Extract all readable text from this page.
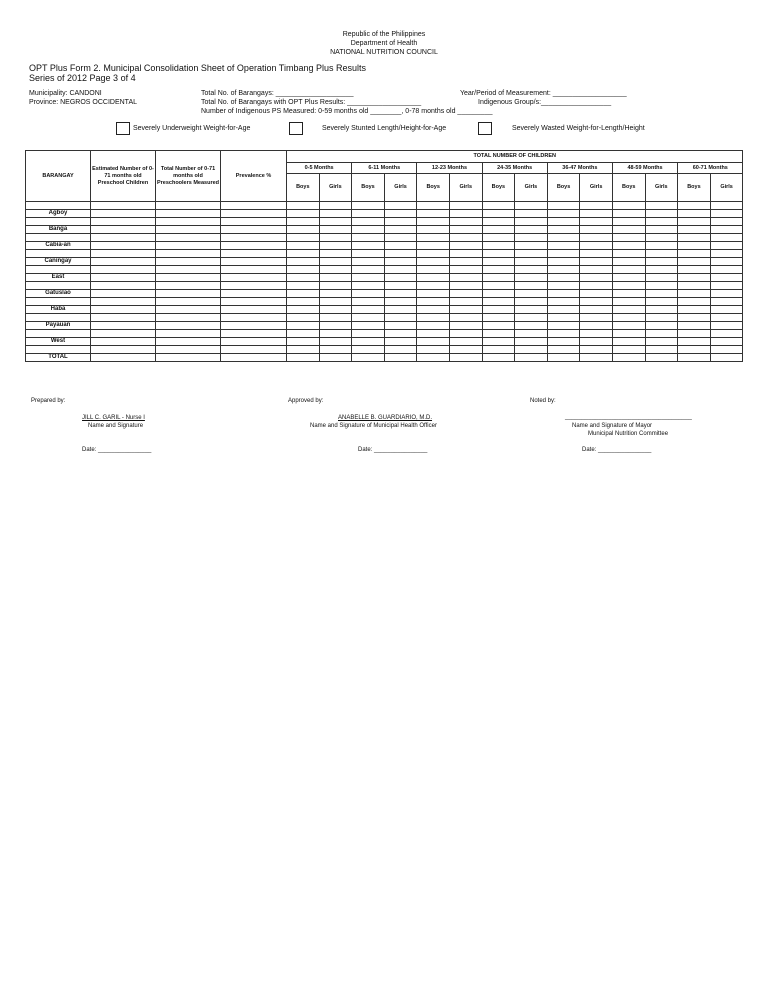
Republic of the Philippines
Department of Health
NATIONAL NUTRITION COUNCIL
OPT Plus Form 2. Municipal Consolidation Sheet of Operation Timbang Plus Results
Series of 2012 Page 3 of 4
Municipality: CANDONI
Province: NEGROS OCCIDENTAL
Total No. of Barangays: ____________________
Total No. of Barangays with OPT Plus Results: ___________________
Number of Indigenous PS Measured: 0-59 months old ________, 0-78 months old _________
Year/Period of Measurement: ___________________
Indigenous Group/s:__________________
Severely Underweight Weight-for-Age	Severely Stunted Length/Height-for-Age	Severely Wasted Weight-for-Length/Height
BARANGAY	Estimated Number of 0-71 months old Preschool Children	Total Number of 0-71 months old Preschoolers Measured	Prevalence %	TOTAL NUMBER OF CHILDREN													
				0-5 Months		6-11 Months		12-23 Months		24-35 Months		36-47 Months		48-59 Months		60-71 Months	
				Boys	Girls	Boys	Girls	Boys	Girls	Boys	Girls	Boys	Girls	Boys	Girls	Boys	Girls

Agboy																	

Banga																	

Cabia-an																	

Caningay																	

East																	

Gatuslao																	

Haba																	

Payauan																	

West																	

TOTAL																	
Prepared by:	Approved by:	Noted by:
JILL C. GARIL - Nurse I
Name and Signature
ANABELLE B. GUARDIARIO, M.D.
Name and Signature of Municipal Health Officer
______________________________________
Name and Signature of Mayor
Municipal Nutrition Committee
Date: ________________	Date: ________________	Date: ________________
